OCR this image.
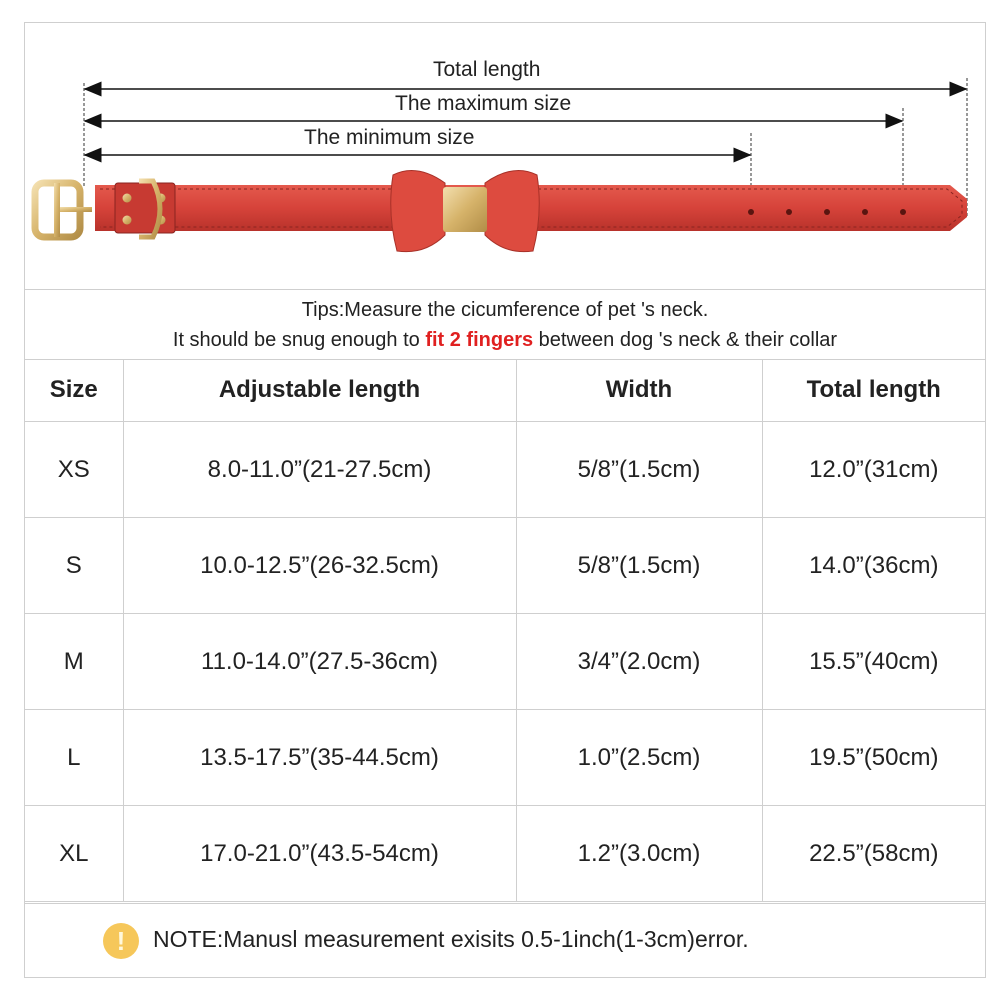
Total length
The maximum size
The minimum size
Tips:Measure the cicumference of pet 's neck.
It should be snug enough to fit 2 fingers between dog 's neck & their collar
Size	Adjustable length	Width	Total length
XS	8.0-11.0”(21-27.5cm)	5/8”(1.5cm)	12.0”(31cm)
S	10.0-12.5”(26-32.5cm)	5/8”(1.5cm)	14.0”(36cm)
M	11.0-14.0”(27.5-36cm)	3/4”(2.0cm)	15.5”(40cm)
L	13.5-17.5”(35-44.5cm)	1.0”(2.5cm)	19.5”(50cm)
XL	17.0-21.0”(43.5-54cm)	1.2”(3.0cm)	22.5”(58cm)
!	NOTE:Manusl measurement exisits 0.5-1inch(1-3cm)error.
